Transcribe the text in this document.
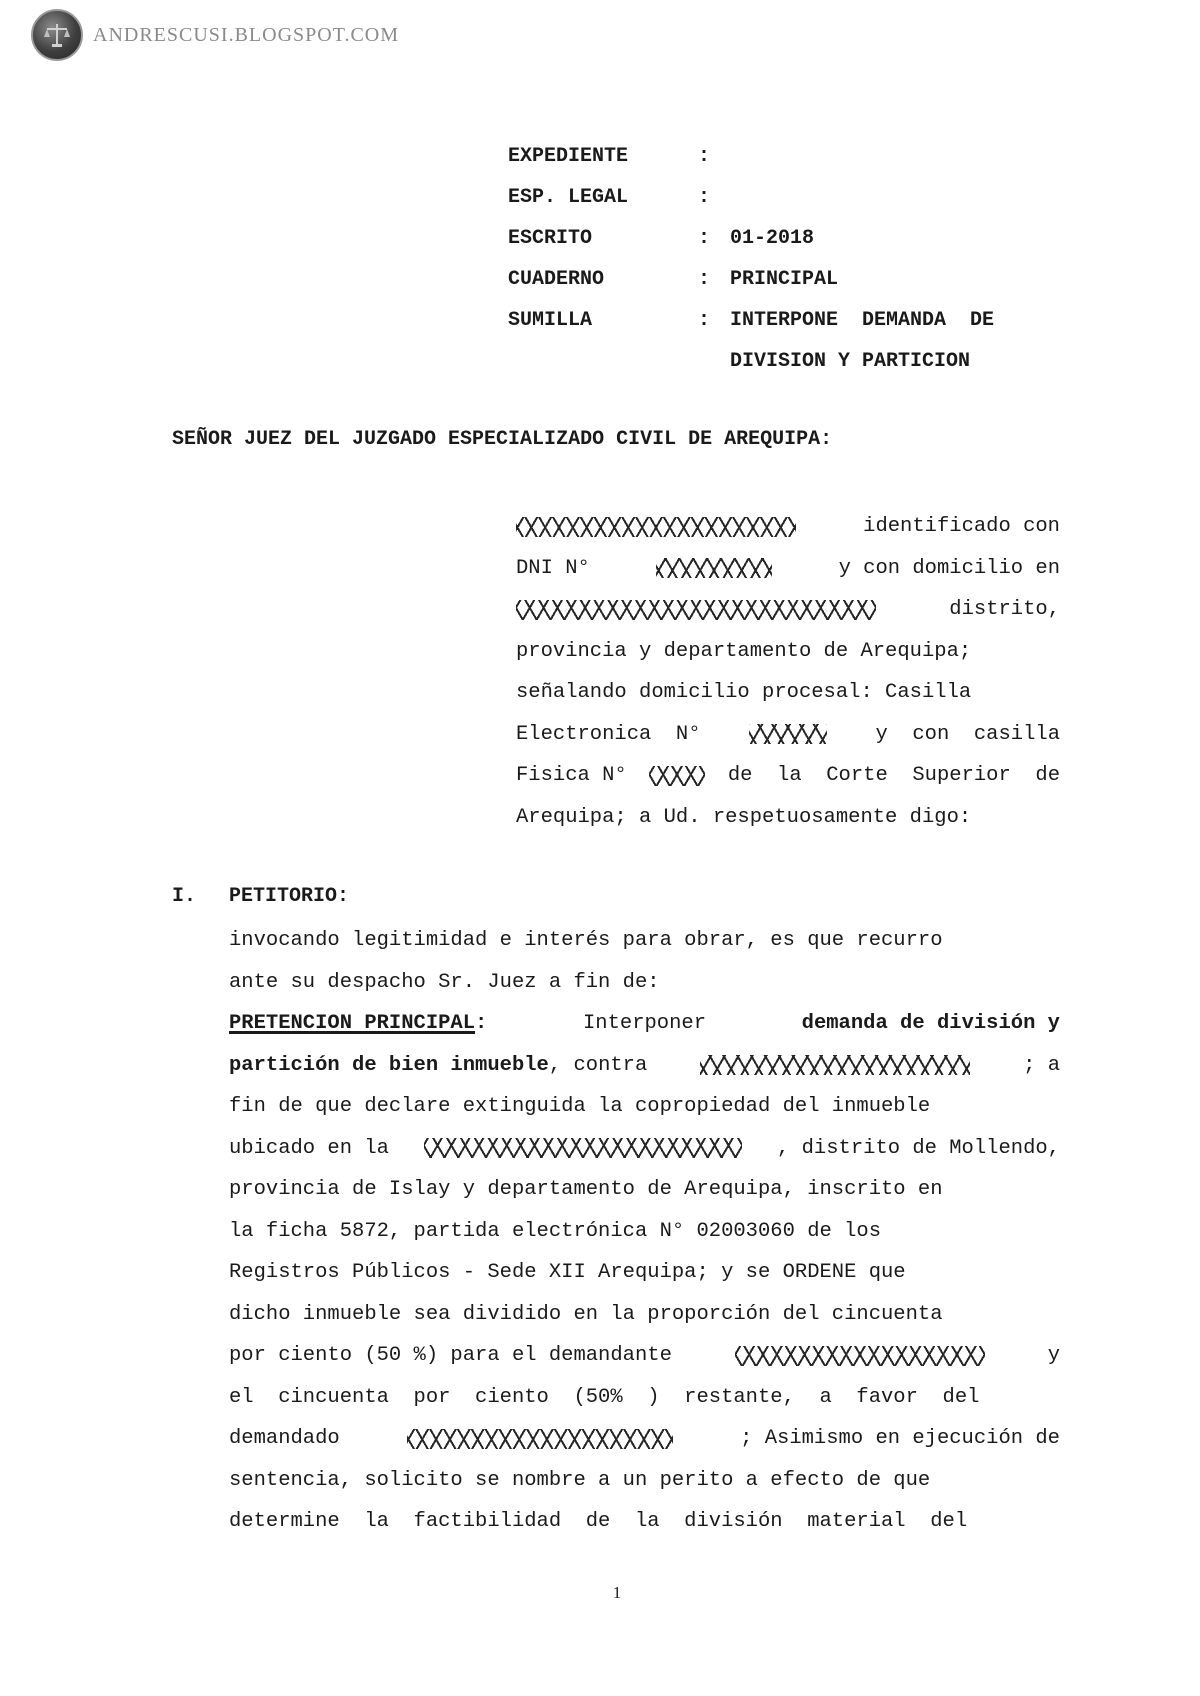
ANDRESCUSI.BLOGSPOT.COM
EXPEDIENTE	:
ESP. LEGAL	:
ESCRITO	: 01-2018
CUADERNO	: PRINCIPAL
SUMILLA	: INTERPONE  DEMANDA  DE
DIVISION Y PARTICION
SEÑOR JUEZ DEL JUZGADO ESPECIALIZADO CIVIL DE AREQUIPA:
identificado con
DNI N°	y con domicilio en
distrito,
provincia y departamento de Arequipa;
señalando domicilio procesal: Casilla
Electronica  N°	y  con  casilla
Fisica N°	de  la  Corte  Superior  de
Arequipa; a Ud. respetuosamente digo:
I. PETITORIO:
invocando legitimidad e interés para obrar, es que recurro
ante su despacho Sr. Juez a fin de:
PRETENCION PRINCIPAL:	Interponer	demanda de división y
partición de bien inmueble, contra	; a
fin de que declare extinguida la copropiedad del inmueble
ubicado en la	, distrito de Mollendo,
provincia de Islay y departamento de Arequipa, inscrito en
la ficha 5872, partida electrónica N° 02003060 de los
Registros Públicos - Sede XII Arequipa; y se ORDENE que
dicho inmueble sea dividido en la proporción del cincuenta
por ciento (50 %) para el demandante	y
el  cincuenta  por  ciento  (50%  )  restante,  a  favor  del
demandado	; Asimismo en ejecución de
sentencia, solicito se nombre a un perito a efecto de que
determine  la  factibilidad  de  la  división  material  del
1
